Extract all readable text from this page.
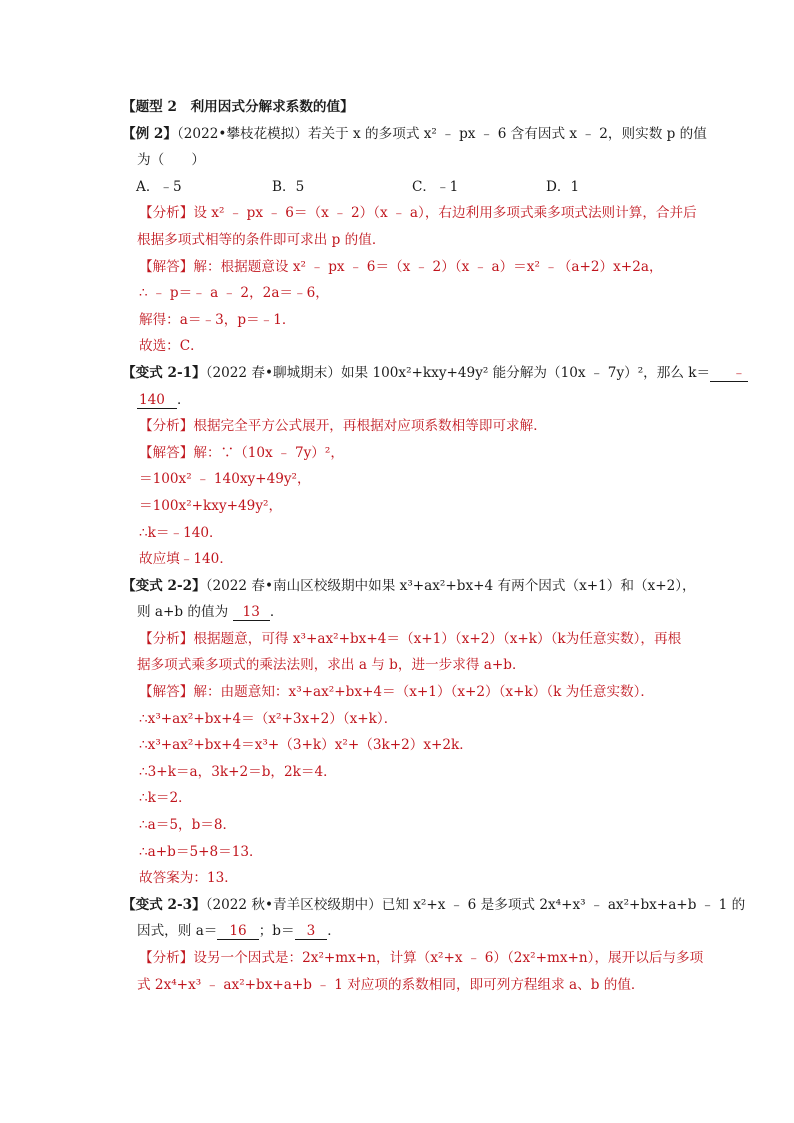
【题型 2　利用因式分解求系数的值】
【例 2】（2022•攀枝花模拟）若关于 x 的多项式 x² ﹣ px ﹣ 6 含有因式 x ﹣ 2，则实数 p 的值
为（　　）
A．﹣5	B．5	C．﹣1	D．1
【分析】设 x² ﹣ px ﹣ 6＝（x ﹣ 2）（x ﹣ a），右边利用多项式乘多项式法则计算，合并后
根据多项式相等的条件即可求出 p 的值．
【解答】解：根据题意设 x² ﹣ px ﹣ 6＝（x ﹣ 2）（x ﹣ a）＝x² ﹣（a+2）x+2a，
∴ ﹣ p＝﹣ a ﹣ 2，2a＝﹣6，
解得：a＝﹣3，p＝﹣1．
故选：C．
【变式 2-1】（2022 春•聊城期末）如果 100x²+kxy+49y² 能分解为（10x ﹣ 7y）²，那么 k＝ ﹣
140 ．
【分析】根据完全平方公式展开，再根据对应项系数相等即可求解．
【解答】解：∵（10x ﹣ 7y）²，
＝100x² ﹣ 140xy+49y²，
＝100x²+kxy+49y²，
∴k＝﹣140．
故应填﹣140．
【变式 2-2】（2022 春•南山区校级期中如果 x³+ax²+bx+4 有两个因式（x+1）和（x+2），
则 a+b 的值为 13 ．
【分析】根据题意，可得 x³+ax²+bx+4＝（x+1）（x+2）（x+k）（k为任意实数），再根
据多项式乘多项式的乘法法则，求出 a 与 b，进一步求得 a+b．
【解答】解：由题意知：x³+ax²+bx+4＝（x+1）（x+2）（x+k）（k 为任意实数）．
∴x³+ax²+bx+4＝（x²+3x+2）（x+k）．
∴x³+ax²+bx+4＝x³+（3+k）x²+（3k+2）x+2k．
∴3+k＝a，3k+2＝b，2k＝4．
∴k＝2．
∴a＝5，b＝8．
∴a+b＝5+8＝13．
故答案为：13．
【变式 2-3】（2022 秋•青羊区校级期中）已知 x²+x ﹣ 6 是多项式 2x⁴+x³ ﹣ ax²+bx+a+b ﹣ 1 的
因式，则 a＝ 16 ；b＝ 3 ．
【分析】设另一个因式是：2x²+mx+n，计算（x²+x ﹣ 6）（2x²+mx+n），展开以后与多项
式 2x⁴+x³ ﹣ ax²+bx+a+b ﹣ 1 对应项的系数相同，即可列方程组求 a、b 的值．
